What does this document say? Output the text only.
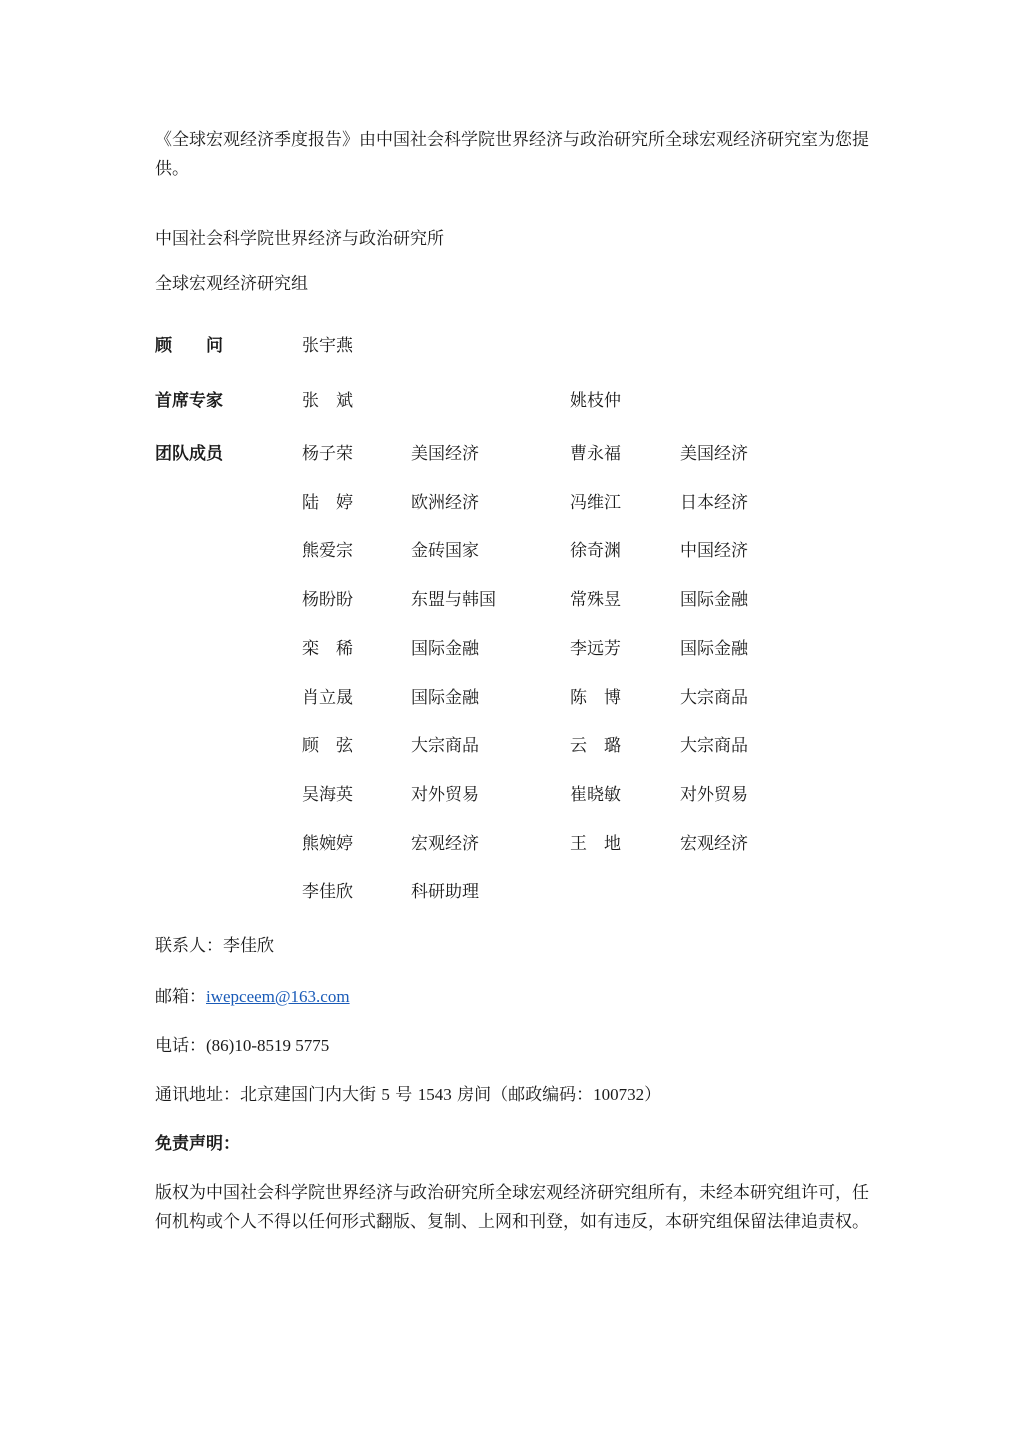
《全球宏观经济季度报告》由中国社会科学院世界经济与政治研究所全球宏观经济研究室为您提供。
中国社会科学院世界经济与政治研究所
全球宏观经济研究组
顾　　问	张宇燕
首席专家	张　斌	姚枝仲
团队成员	杨子荣	美国经济	曹永福	美国经济
陆　婷	欧洲经济	冯维江	日本经济
熊爱宗	金砖国家	徐奇渊	中国经济
杨盼盼	东盟与韩国	常殊昱	国际金融
栾　稀	国际金融	李远芳	国际金融
肖立晟	国际金融	陈　博	大宗商品
顾　弦	大宗商品	云　璐	大宗商品
吴海英	对外贸易	崔晓敏	对外贸易
熊婉婷	宏观经济	王　地	宏观经济
李佳欣	科研助理
联系人：李佳欣
邮箱：iwepceem@163.com
电话：(86)10-8519 5775
通讯地址：北京建国门内大街 5 号 1543 房间（邮政编码：100732）
免责声明：
版权为中国社会科学院世界经济与政治研究所全球宏观经济研究组所有，未经本研究组许可，任何机构或个人不得以任何形式翻版、复制、上网和刊登，如有违反，本研究组保留法律追责权。
